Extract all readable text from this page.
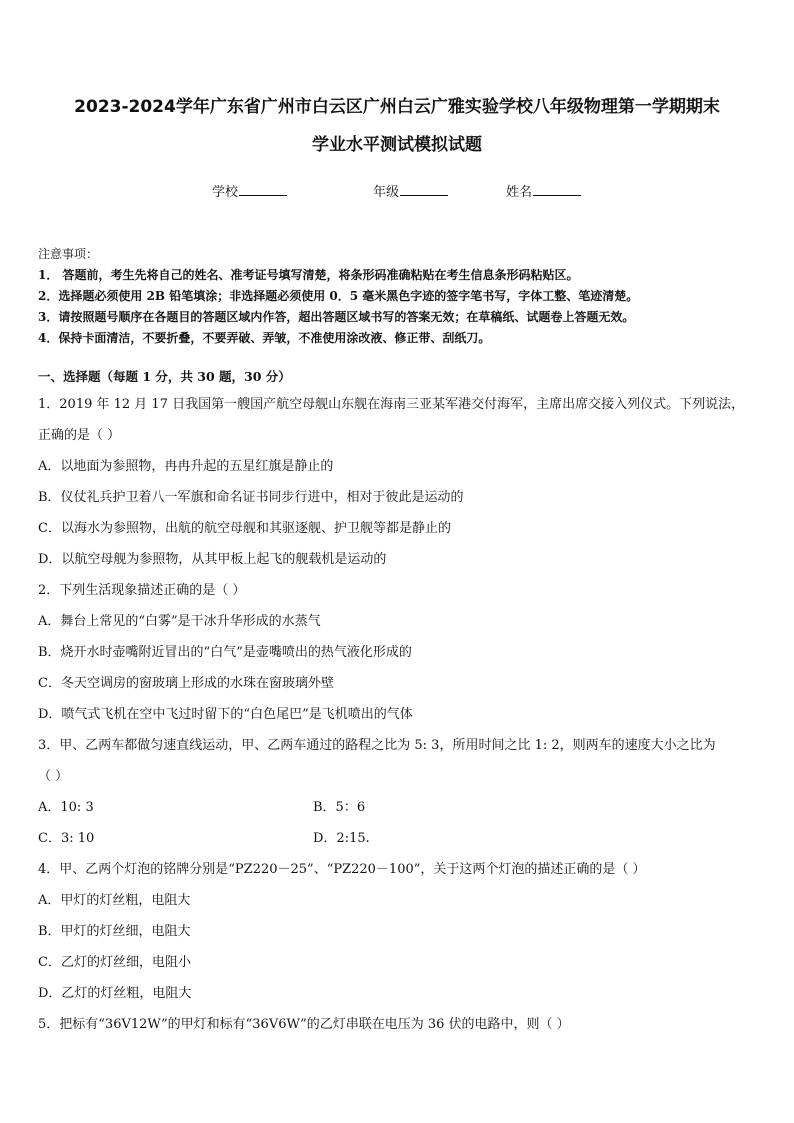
2023-2024学年广东省广州市白云区广州白云广雅实验学校八年级物理第一学期期末
学业水平测试模拟试题
学校	年级	姓名
注意事项：
1． 答题前，考生先将自己的姓名、准考证号填写清楚，将条形码准确粘贴在考生信息条形码粘贴区。
2．选择题必须使用 2B 铅笔填涂；非选择题必须使用 0．5 毫米黑色字迹的签字笔书写，字体工整、笔迹清楚。
3．请按照题号顺序在各题目的答题区域内作答，超出答题区域书写的答案无效；在草稿纸、试题卷上答题无效。
4．保持卡面清洁，不要折叠，不要弄破、弄皱，不准使用涂改液、修正带、刮纸刀。
一、选择题（每题 1 分，共 30 题，30 分）
1．2019 年 12 月 17 日我国第一艘国产航空母舰山东舰在海南三亚某军港交付海军，主席出席交接入列仪式。下列说法，
正确的是（ ）
A．以地面为参照物，冉冉升起的五星红旗是静止的
B．仪仗礼兵护卫着八一军旗和命名证书同步行进中，相对于彼此是运动的
C．以海水为参照物，出航的航空母舰和其驱逐舰、护卫舰等都是静止的
D．以航空母舰为参照物，从其甲板上起飞的舰载机是运动的
2．下列生活现象描述正确的是（ ）
A．舞台上常见的“白雾”是干冰升华形成的水蒸气
B．烧开水时壶嘴附近冒出的“白气”是壶嘴喷出的热气液化形成的
C．冬天空调房的窗玻璃上形成的水珠在窗玻璃外壁
D．喷气式飞机在空中飞过时留下的“白色尾巴”是飞机喷出的气体
3．甲、乙两车都做匀速直线运动，甲、乙两车通过的路程之比为 5: 3，所用时间之比 1: 2，则两车的速度大小之比为
（ ）
A．10: 3	B．5：6
C．3: 10	D．2:15.
4．甲、乙两个灯泡的铭牌分别是“PZ220－25”、“PZ220－100”，关于这两个灯泡的描述正确的是（ ）
A．甲灯的灯丝粗，电阻大
B．甲灯的灯丝细，电阻大
C．乙灯的灯丝细，电阻小
D．乙灯的灯丝粗，电阻大
5．把标有“36V12W”的甲灯和标有“36V6W”的乙灯串联在电压为 36 伏的电路中，则（ ）
